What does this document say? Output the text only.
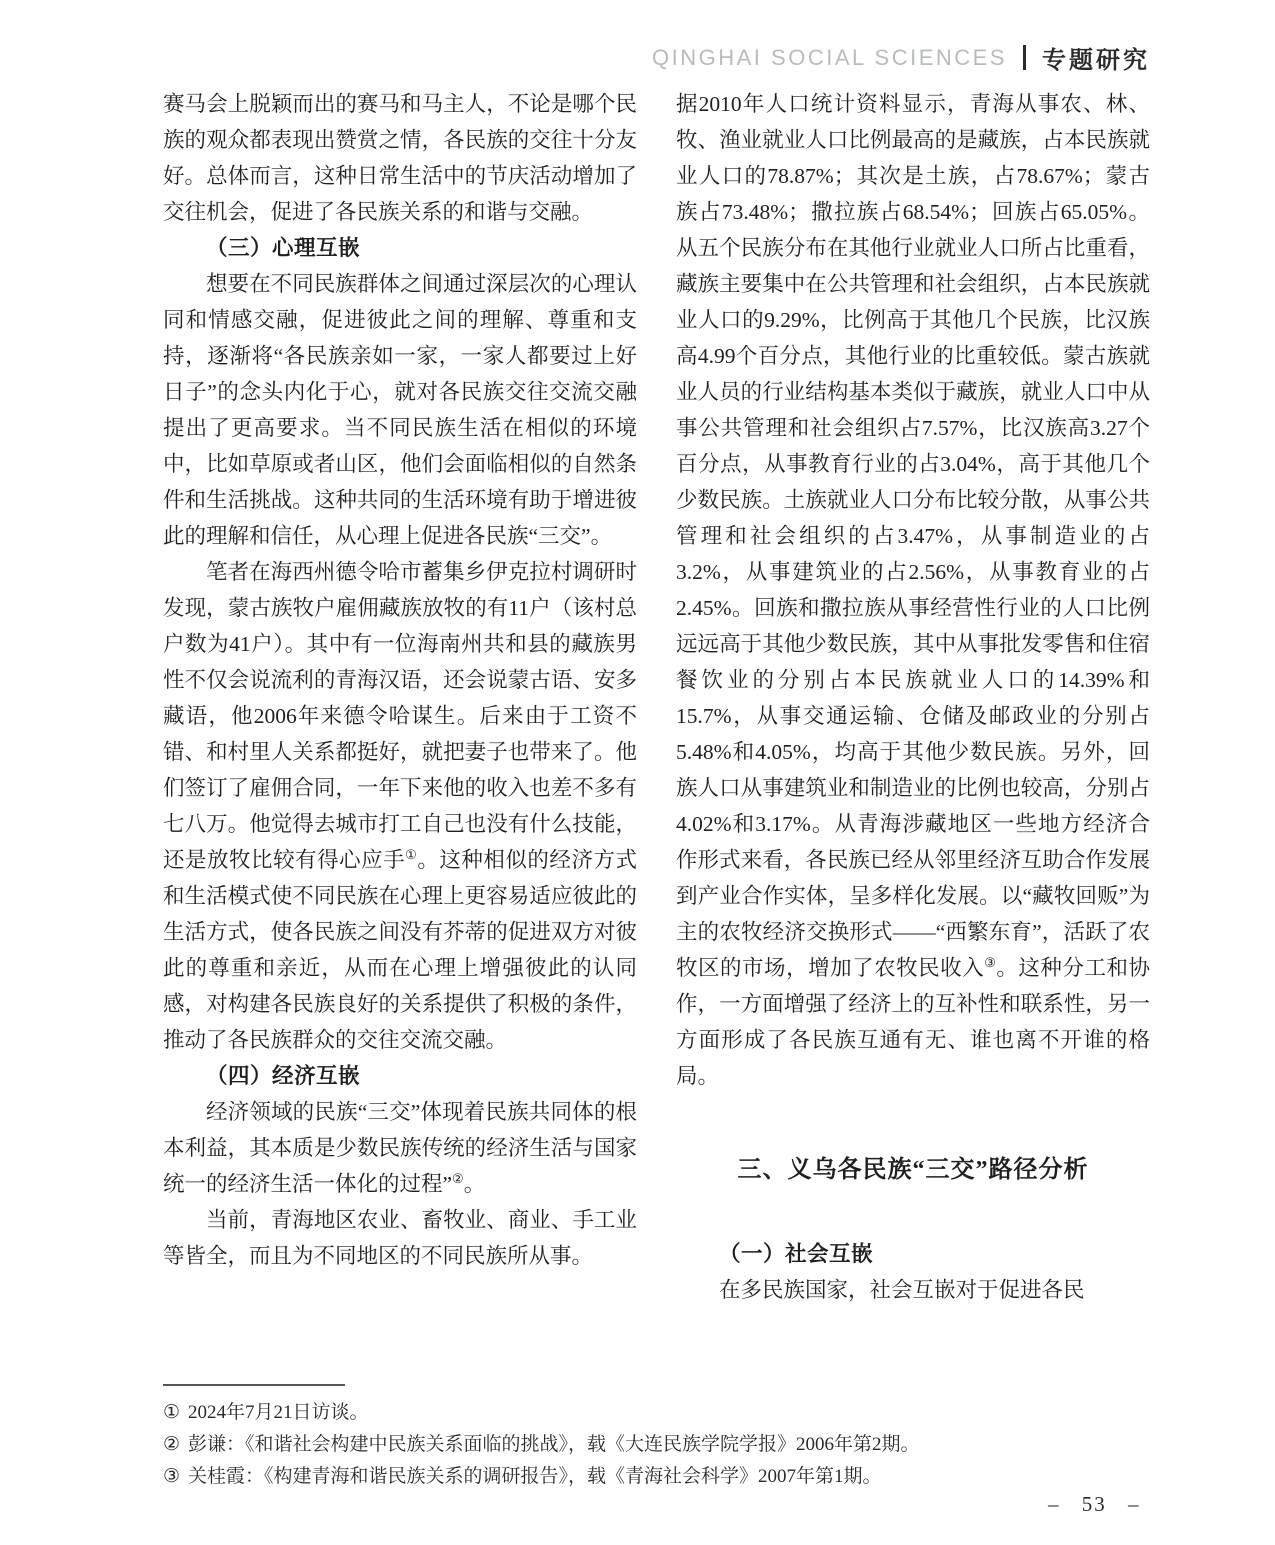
QINGHAI SOCIAL SCIENCES 专题研究

赛马会上脱颖而出的赛马和马主人，不论是哪个民族的观众都表现出赞赏之情，各民族的交往十分友好。总体而言，这种日常生活中的节庆活动增加了交往机会，促进了各民族关系的和谐与交融。

（三）心理互嵌

想要在不同民族群体之间通过深层次的心理认同和情感交融，促进彼此之间的理解、尊重和支持，逐渐将“各民族亲如一家，一家人都要过上好日子”的念头内化于心，就对各民族交往交流交融提出了更高要求。当不同民族生活在相似的环境中，比如草原或者山区，他们会面临相似的自然条件和生活挑战。这种共同的生活环境有助于增进彼此的理解和信任，从心理上促进各民族“三交”。

笔者在海西州德令哈市蓄集乡伊克拉村调研时发现，蒙古族牧户雇佣藏族放牧的有11户（该村总户数为41户）。其中有一位海南州共和县的藏族男性不仅会说流利的青海汉语，还会说蒙古语、安多藏语，他2006年来德令哈谋生。后来由于工资不错、和村里人关系都挺好，就把妻子也带来了。他们签订了雇佣合同，一年下来他的收入也差不多有七八万。他觉得去城市打工自己也没有什么技能，还是放牧比较有得心应手①。这种相似的经济方式和生活模式使不同民族在心理上更容易适应彼此的生活方式，使各民族之间没有芥蒂的促进双方对彼此的尊重和亲近，从而在心理上增强彼此的认同感，对构建各民族良好的关系提供了积极的条件，推动了各民族群众的交往交流交融。

（四）经济互嵌

经济领域的民族“三交”体现着民族共同体的根本利益，其本质是少数民族传统的经济生活与国家统一的经济生活一体化的过程”②。

当前，青海地区农业、畜牧业、商业、手工业等皆全，而且为不同地区的不同民族所从事。

据2010年人口统计资料显示，青海从事农、林、牧、渔业就业人口比例最高的是藏族，占本民族就业人口的78.87%；其次是土族，占78.67%；蒙古族占73.48%；撒拉族占68.54%；回族占65.05%。从五个民族分布在其他行业就业人口所占比重看，藏族主要集中在公共管理和社会组织，占本民族就业人口的9.29%，比例高于其他几个民族，比汉族高4.99个百分点，其他行业的比重较低。蒙古族就业人员的行业结构基本类似于藏族，就业人口中从事公共管理和社会组织占7.57%，比汉族高3.27个百分点，从事教育行业的占3.04%，高于其他几个少数民族。土族就业人口分布比较分散，从事公共管理和社会组织的占3.47%，从事制造业的占3.2%，从事建筑业的占2.56%，从事教育业的占2.45%。回族和撒拉族从事经营性行业的人口比例远远高于其他少数民族，其中从事批发零售和住宿餐饮业的分别占本民族就业人口的14.39%和15.7%，从事交通运输、仓储及邮政业的分别占5.48%和4.05%，均高于其他少数民族。另外，回族人口从事建筑业和制造业的比例也较高，分别占4.02%和3.17%。从青海涉藏地区一些地方经济合作形式来看，各民族已经从邻里经济互助合作发展到产业合作实体，呈多样化发展。以“藏牧回贩”为主的农牧经济交换形式——“西繁东育”，活跃了农牧区的市场，增加了农牧民收入③。这种分工和协作，一方面增强了经济上的互补性和联系性，另一方面形成了各民族互通有无、谁也离不开谁的格局。

三、义乌各民族“三交”路径分析

（一）社会互嵌

在多民族国家，社会互嵌对于促进各民

① 2024年7月21日访谈。

② 彭谦：《和谐社会构建中民族关系面临的挑战》，载《大连民族学院学报》2006年第2期。

③ 关桂霞：《构建青海和谐民族关系的调研报告》，载《青海社会科学》2007年第1期。

– 53 –
